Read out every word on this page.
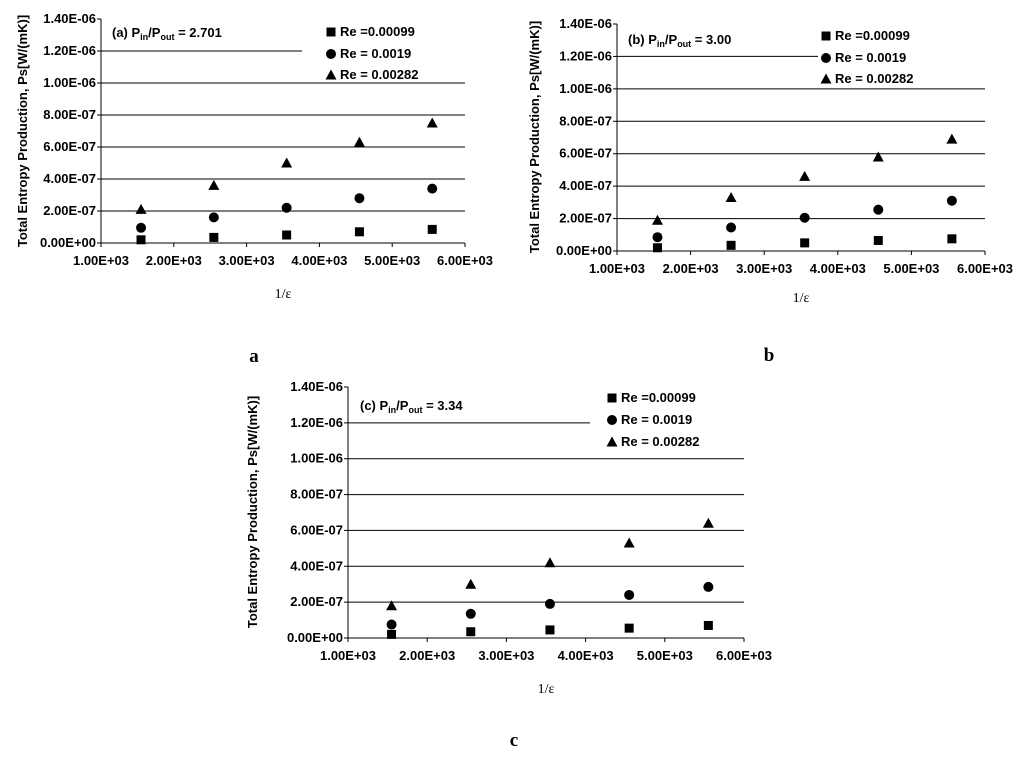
0.00E+00
2.00E-07
4.00E-07
6.00E-07
8.00E-07
1.00E-06
1.20E-06
1.40E-06
1.00E+03 2.00E+03 3.00E+03 4.00E+03 5.00E+03 6.00E+03
Total Entropy Production, Ps[W/(mK)]
1/ε
(a) $P_{in}/P_{out} = 2.701$	Re =0.00099
Re = 0.0019
Re = 0.00282
a
0.00E+00
2.00E-07
4.00E-07
6.00E-07
8.00E-07
1.00E-06
1.20E-06
1.40E-06
1.00E+03 2.00E+03 3.00E+03 4.00E+03 5.00E+03 6.00E+03
Total Entropy Production, Ps[W/(mK)]
1/ε
(b) $P_{in}/P_{out} = 3.00$	Re =0.00099
Re = 0.0019
Re = 0.00282
b
0.00E+00
2.00E-07
4.00E-07
6.00E-07
8.00E-07
1.00E-06
1.20E-06
1.40E-06
1.00E+03 2.00E+03 3.00E+03 4.00E+03 5.00E+03 6.00E+03
Total Entropy Production, Ps[W/(mK)]
1/ε
(c) $P_{in}/P_{out} = 3.34$
Re =0.00099
Re = 0.0019
Re = 0.00282
c
